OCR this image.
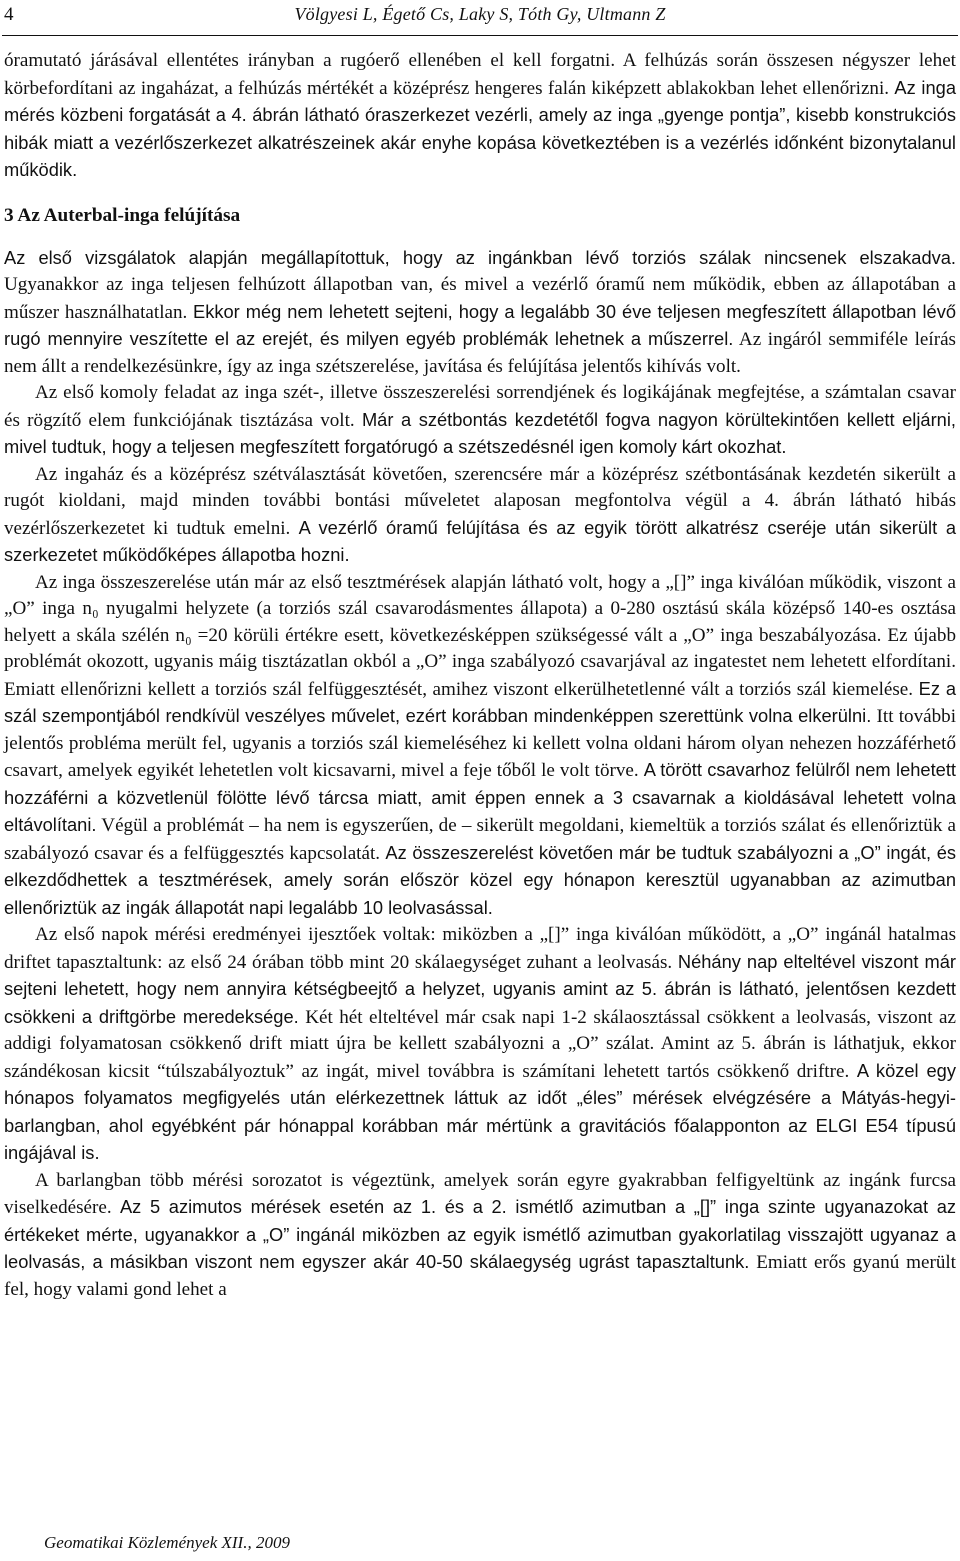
4	Völgyesi L, Égető Cs, Laky S, Tóth Gy, Ultmann Z

óramutató járásával ellentétes irányban a rugóerő ellenében el kell forgatni. A felhúzás során összesen négyszer lehet körbefordítani az ingaházat, a felhúzás mértékét a középrész hengeres falán kiképzett ablakokban lehet ellenőrizni. Az inga mérés közbeni forgatását a 4. ábrán látható óraszerkezet vezérli, amely az inga „gyenge pontja”, kisebb konstrukciós hibák miatt a vezérlőszerkezet alkatrészeinek akár enyhe kopása következtében is a vezérlés időnként bizonytalanul működik.

3 Az Auterbal-inga felújítása

Az első vizsgálatok alapján megállapítottuk, hogy az ingánkban lévő torziós szálak nincsenek elszakadva. Ugyanakkor az inga teljesen felhúzott állapotban van, és mivel a vezérlő óramű nem működik, ebben az állapotában a műszer használhatatlan. Ekkor még nem lehetett sejteni, hogy a legalább 30 éve teljesen megfeszített állapotban lévő rugó mennyire veszítette el az erejét, és milyen egyéb problémák lehetnek a műszerrel. Az ingáról semmiféle leírás nem állt a rendelkezésünkre, így az inga szétszerelése, javítása és felújítása jelentős kihívás volt.

Az első komoly feladat az inga szét-, illetve összeszerelési sorrendjének és logikájának megfejtése, a számtalan csavar és rögzítő elem funkciójának tisztázása volt. Már a szétbontás kezdetétől fogva nagyon körültekintően kellett eljárni, mivel tudtuk, hogy a teljesen megfeszített forgatórugó a szétszedésnél igen komoly kárt okozhat.

Az ingaház és a középrész szétválasztását követően, szerencsére már a középrész szétbontásának kezdetén sikerült a rugót kioldani, majd minden további bontási műveletet alaposan megfontolva végül a 4. ábrán látható hibás vezérlőszerkezetet ki tudtuk emelni. A vezérlő óramű felújítása és az egyik törött alkatrész cseréje után sikerült a szerkezetet működőképes állapotba hozni.

Az inga összeszerelése után már az első tesztmérések alapján látható volt, hogy a „[]” inga kiválóan működik, viszont a „O” inga n₀ nyugalmi helyzete (a torziós szál csavarodásmentes állapota) a 0-280 osztású skála középső 140-es osztása helyett a skála szélén n₀ =20 körüli értékre esett, következésképpen szükségessé vált a „O” inga beszabályozása. Ez újabb problémát okozott, ugyanis máig tisztázatlan okból a „O” inga szabályozó csavarjával az ingatestet nem lehetett elfordítani. Emiatt ellenőrizni kellett a torziós szál felfüggesztését, amihez viszont elkerülhetetlenné vált a torziós szál kiemelése. Ez a szál szempontjából rendkívül veszélyes művelet, ezért korábban mindenképpen szerettünk volna elkerülni. Itt további jelentős probléma merült fel, ugyanis a torziós szál kiemeléséhez ki kellett volna oldani három olyan nehezen hozzáférhető csavart, amelyek egyikét lehetetlen volt kicsavarni, mivel a feje tőből le volt törve. A törött csavarhoz felülről nem lehetett hozzáférni a közvetlenül fölötte lévő tárcsa miatt, amit éppen ennek a 3 csavarnak a kioldásával lehetett volna eltávolítani. Végül a problémát – ha nem is egyszerűen, de – sikerült megoldani, kiemeltük a torziós szálat és ellenőriztük a szabályozó csavar és a felfüggesztés kapcsolatát. Az összeszerelést követően már be tudtuk szabályozni a „O” ingát, és elkezdődhettek a tesztmérések, amely során először közel egy hónapon keresztül ugyanabban az azimutban ellenőriztük az ingák állapotát napi legalább 10 leolvasással.

Az első napok mérési eredményei ijesztőek voltak: miközben a „[]” inga kiválóan működött, a „O” ingánál hatalmas driftet tapasztaltunk: az első 24 órában több mint 20 skálaegységet zuhant a leolvasás. Néhány nap elteltével viszont már sejteni lehetett, hogy nem annyira kétségbeejtő a helyzet, ugyanis amint az 5. ábrán is látható, jelentősen kezdett csökkeni a driftgörbe meredeksége. Két hét elteltével már csak napi 1-2 skálaosztással csökkent a leolvasás, viszont az addigi folyamatosan csökkenő drift miatt újra be kellett szabályozni a „O” szálat. Amint az 5. ábrán is láthatjuk, ekkor szándékosan kicsit “túlszabályoztuk” az ingát, mivel továbbra is számítani lehetett tartós csökkenő driftre. A közel egy hónapos folyamatos megfigyelés után elérkezettnek láttuk az időt „éles” mérések elvégzésére a Mátyás-hegyi-barlangban, ahol egyébként pár hónappal korábban már mértünk a gravitációs főalapponton az ELGI E54 típusú ingájával is.

A barlangban több mérési sorozatot is végeztünk, amelyek során egyre gyakrabban felfigyeltünk az ingánk furcsa viselkedésére. Az 5 azimutos mérések esetén az 1. és a 2. ismétlő azimutban a „[]” inga szinte ugyanazokat az értékeket mérte, ugyanakkor a „O” ingánál miközben az egyik ismétlő azimutban gyakorlatilag visszajött ugyanaz a leolvasás, a másikban viszont nem egyszer akár 40-50 skálaegység ugrást tapasztaltunk. Emiatt erős gyanú merült fel, hogy valami gond lehet a

Geomatikai Közlemények XII., 2009
